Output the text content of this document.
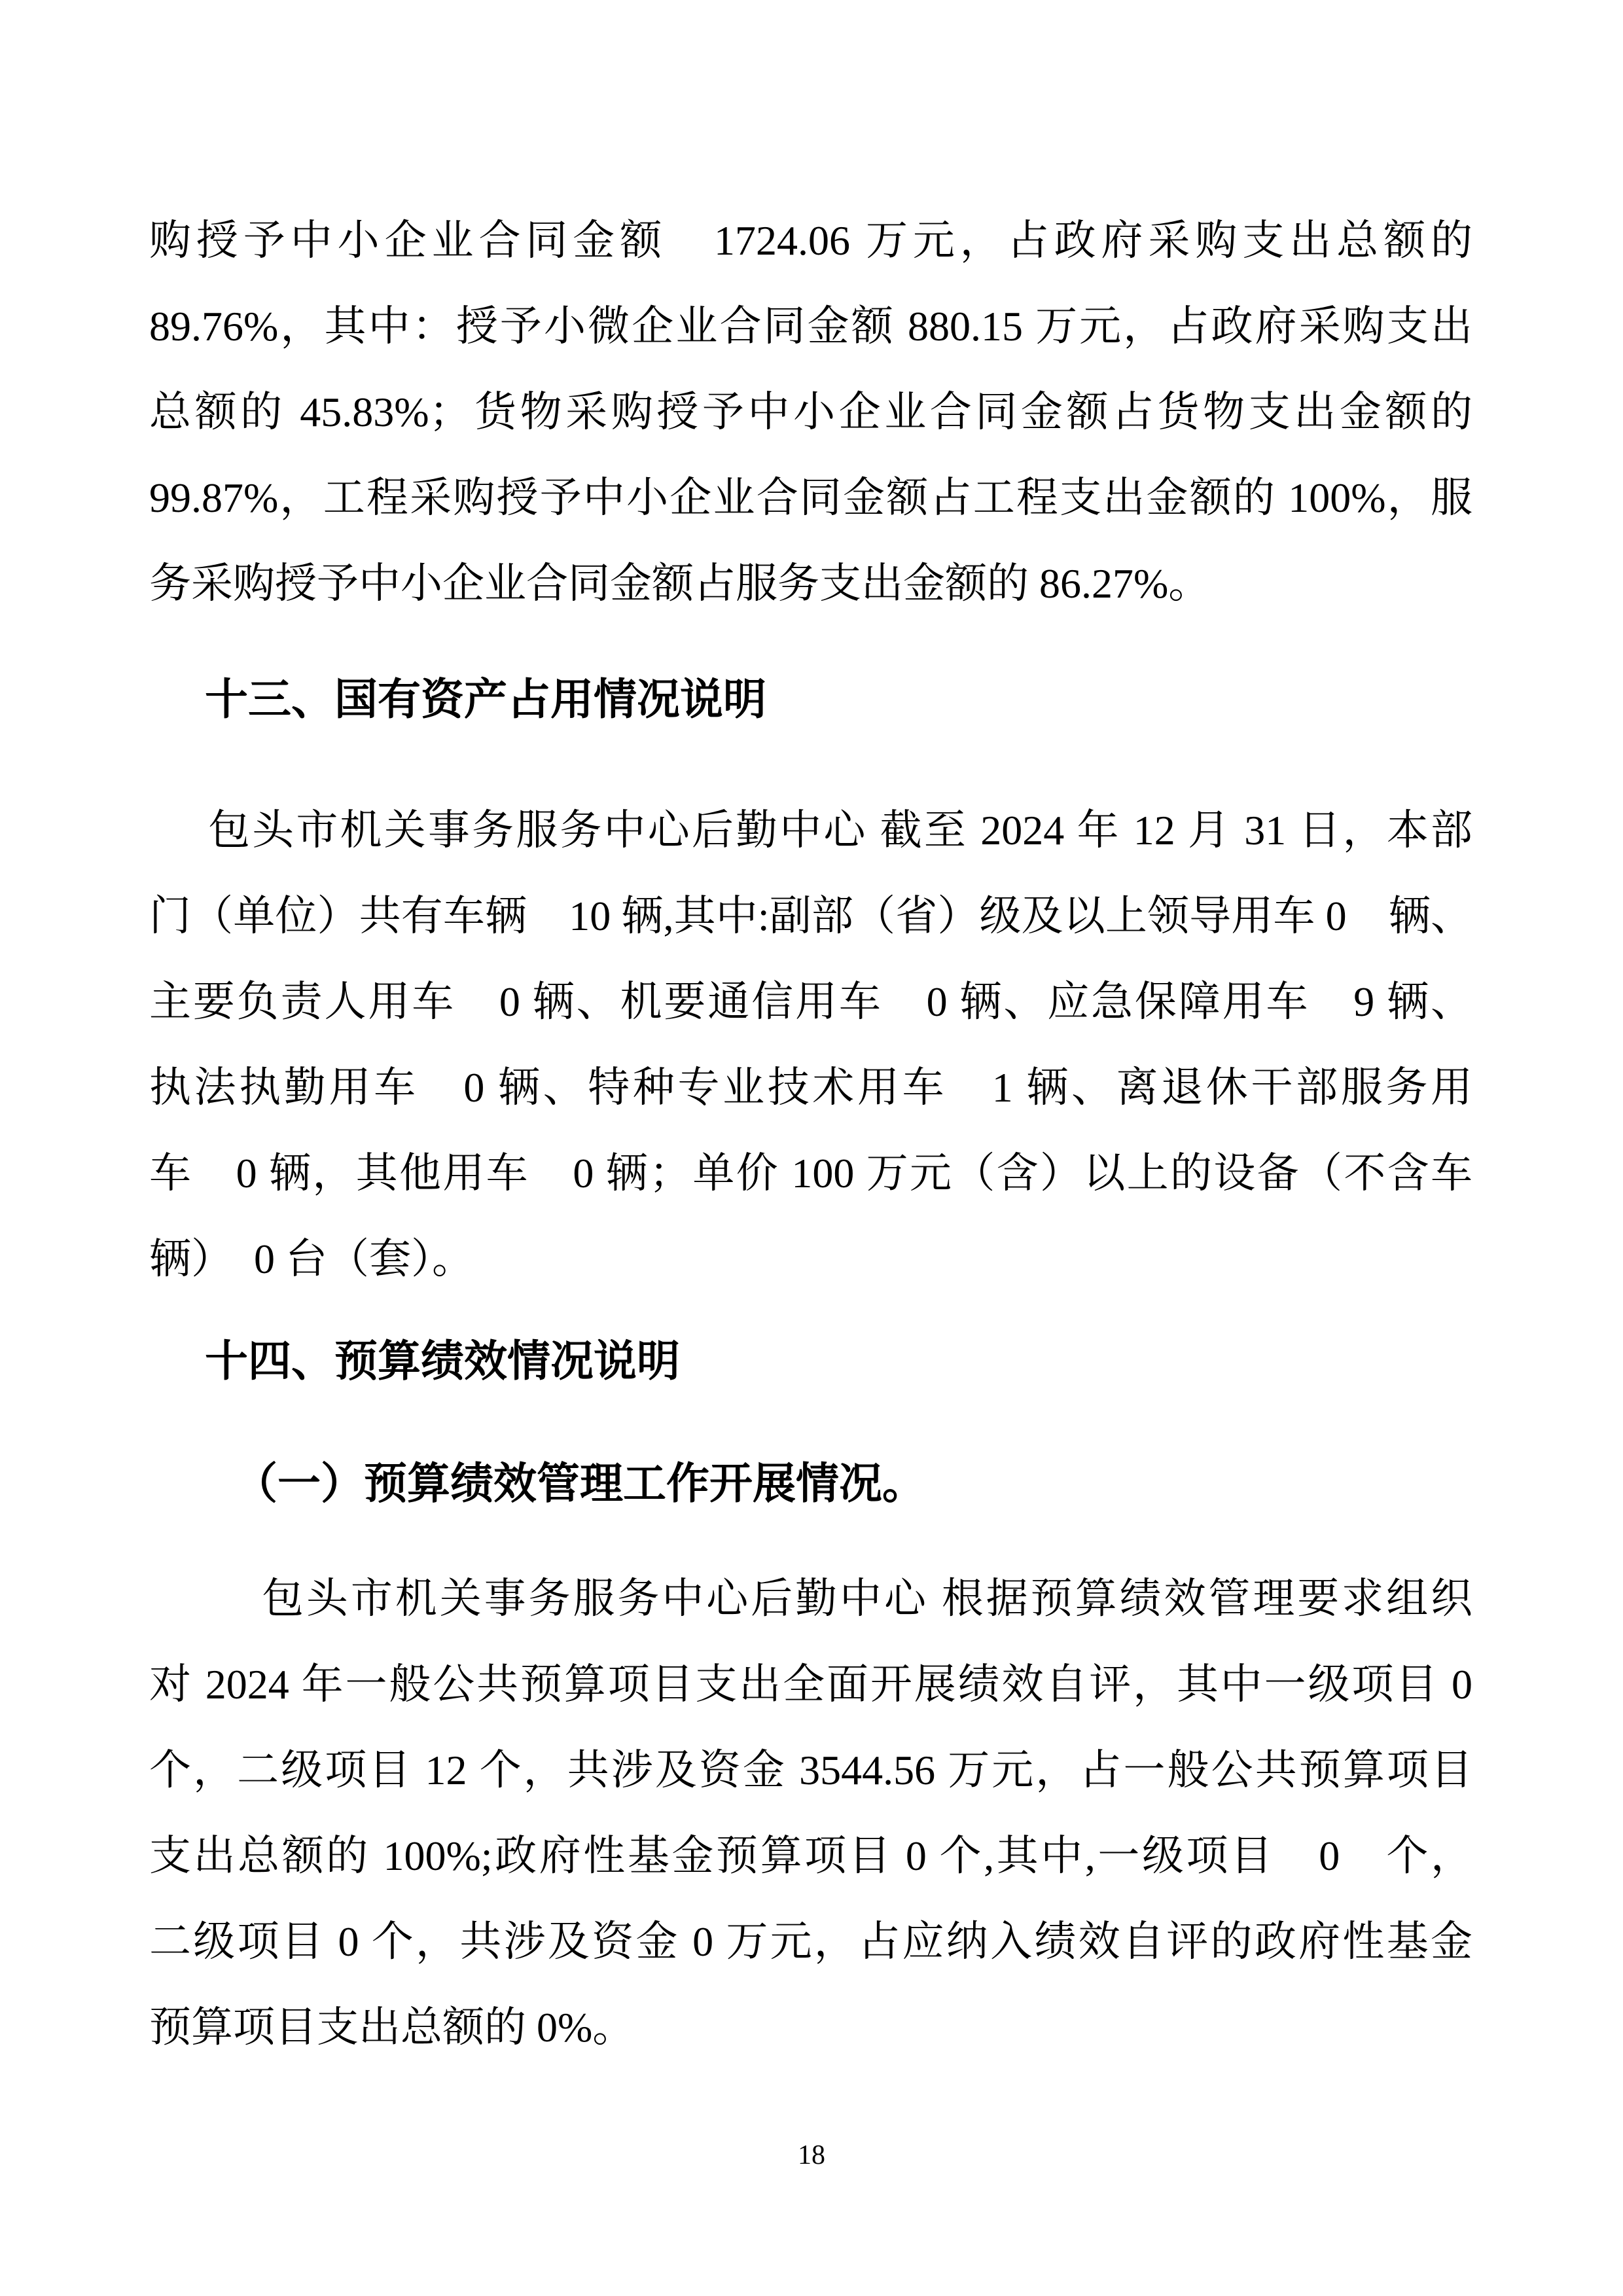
购授予中小企业合同金额　1724.06 万元，占政府采购支出总额的
89.76%，其中：授予小微企业合同金额 880.15 万元，占政府采购支出
总额的 45.83%；货物采购授予中小企业合同金额占货物支出金额的
99.87%，工程采购授予中小企业合同金额占工程支出金额的 100%，服
务采购授予中小企业合同金额占服务支出金额的 86.27%。
十三、国有资产占用情况说明
包头市机关事务服务中心后勤中心 截至 2024 年 12 月 31 日，本部
门（单位）共有车辆　10 辆,其中:副部（省）级及以上领导用车 0　辆、
主要负责人用车　0 辆、机要通信用车　0 辆、应急保障用车　9 辆、
执法执勤用车　0 辆、特种专业技术用车　1 辆、离退休干部服务用
车　0 辆，其他用车　0 辆；单价 100 万元（含）以上的设备（不含车
辆）　0 台（套）。
十四、预算绩效情况说明
（一）预算绩效管理工作开展情况。
包头市机关事务服务中心后勤中心 根据预算绩效管理要求组织
对 2024 年一般公共预算项目支出全面开展绩效自评，其中一级项目 0
个，二级项目 12 个，共涉及资金 3544.56 万元，占一般公共预算项目
支出总额的 100%;政府性基金预算项目 0 个,其中,一级项目　0　个，
二级项目 0 个，共涉及资金 0 万元，占应纳入绩效自评的政府性基金
预算项目支出总额的 0%。
18
